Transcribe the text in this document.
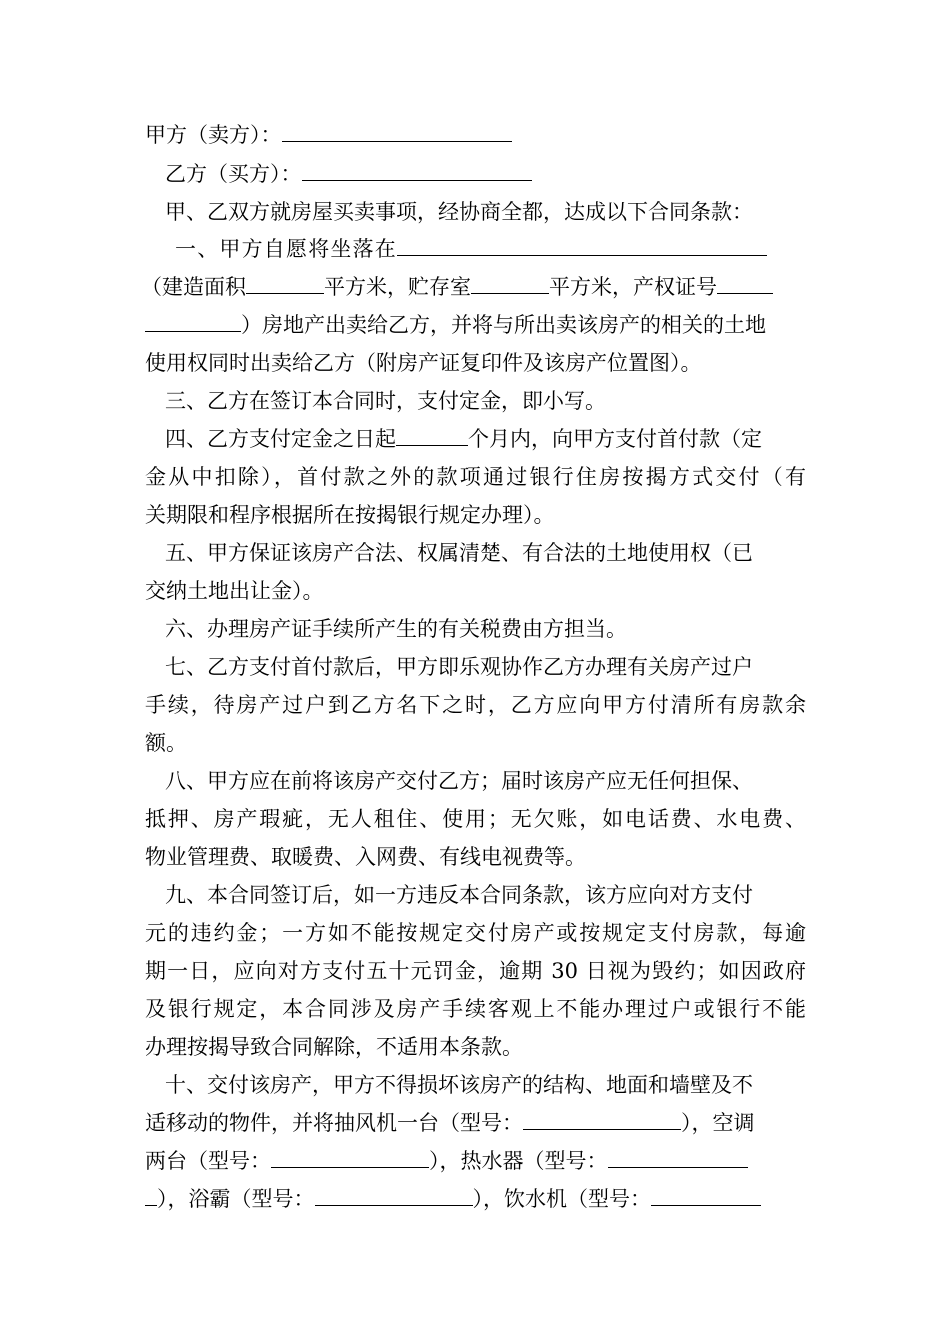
甲方（卖方）：
乙方（买方）：
甲、乙双方就房屋买卖事项，经协商全都，达成以下合同条款：
一、甲方自愿将坐落在
（建造面积	平方米，贮存室	平方米，产权证号
）房地产出卖给乙方，并将与所出卖该房产的相关的土地
使用权同时出卖给乙方（附房产证复印件及该房产位置图）。
三、乙方在签订本合同时，支付定金，即小写。
四、乙方支付定金之日起	个月内，向甲方支付首付款（定
金从中扣除），首付款之外的款项通过银行住房按揭方式交付（有
关期限和程序根据所在按揭银行规定办理）。
五、甲方保证该房产合法、权属清楚、有合法的土地使用权（已
交纳土地出让金）。
六、办理房产证手续所产生的有关税费由方担当。
七、乙方支付首付款后，甲方即乐观协作乙方办理有关房产过户
手续，待房产过户到乙方名下之时，乙方应向甲方付清所有房款余
额。
八、甲方应在前将该房产交付乙方；届时该房产应无任何担保、
抵押、房产瑕疵，无人租住、使用；无欠账，如电话费、水电费、
物业管理费、取暖费、入网费、有线电视费等。
九、本合同签订后，如一方违反本合同条款，该方应向对方支付
元的违约金；一方如不能按规定交付房产或按规定支付房款，每逾
期一日，应向对方支付五十元罚金，逾期 30 日视为毁约；如因政府
及银行规定，本合同涉及房产手续客观上不能办理过户或银行不能
办理按揭导致合同解除，不适用本条款。
十、交付该房产，甲方不得损坏该房产的结构、地面和墙壁及不
适移动的物件，并将抽风机一台（型号：	），空调
两台（型号：	），热水器（型号：
），浴霸（型号：	），饮水机（型号：
